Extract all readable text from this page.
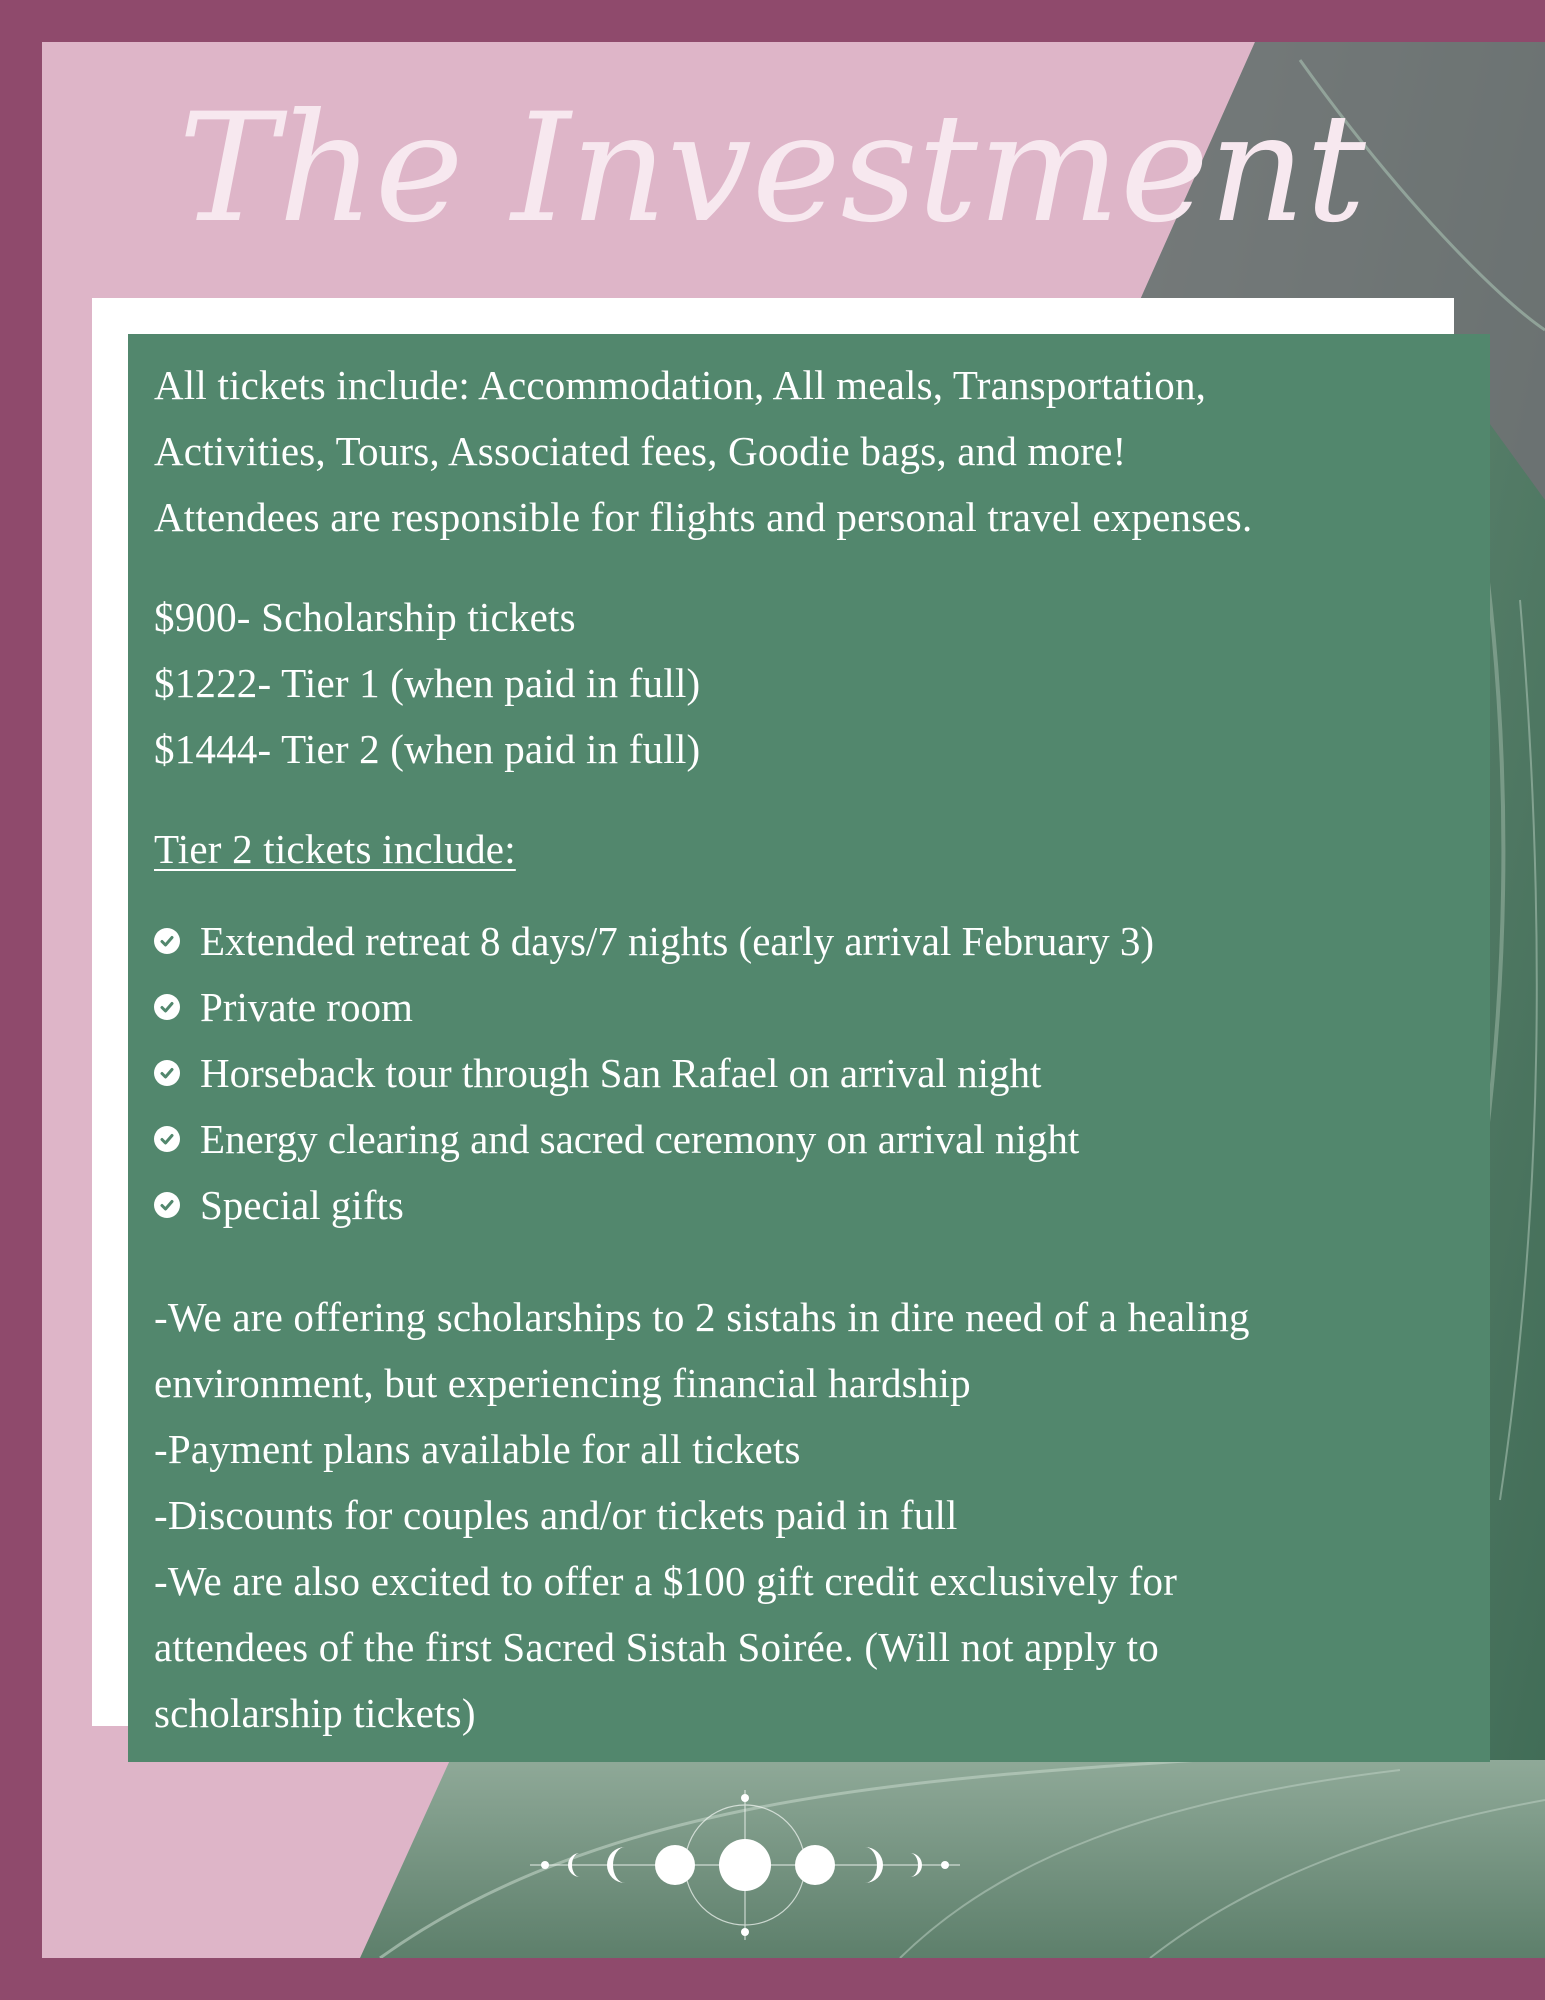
The Investment

All tickets include: Accommodation, All meals, Transportation,

Activities, Tours, Associated fees, Goodie bags, and more!

Attendees are responsible for flights and personal travel expenses.

$900- Scholarship tickets

$1222- Tier 1 (when paid in full)

$1444- Tier 2 (when paid in full)

Tier 2 tickets include:

Extended retreat 8 days/7 nights (early arrival February 3)
Private room
Horseback tour through San Rafael on arrival night
Energy clearing and sacred ceremony on arrival night
Special gifts

-We are offering scholarships to 2 sistahs in dire need of a healing

environment, but experiencing financial hardship

-Payment plans available for all tickets

-Discounts for couples and/or tickets paid in full

-We are also excited to offer a $100 gift credit exclusively for

attendees of the first Sacred Sistah Soirée. (Will not apply to

scholarship tickets)
